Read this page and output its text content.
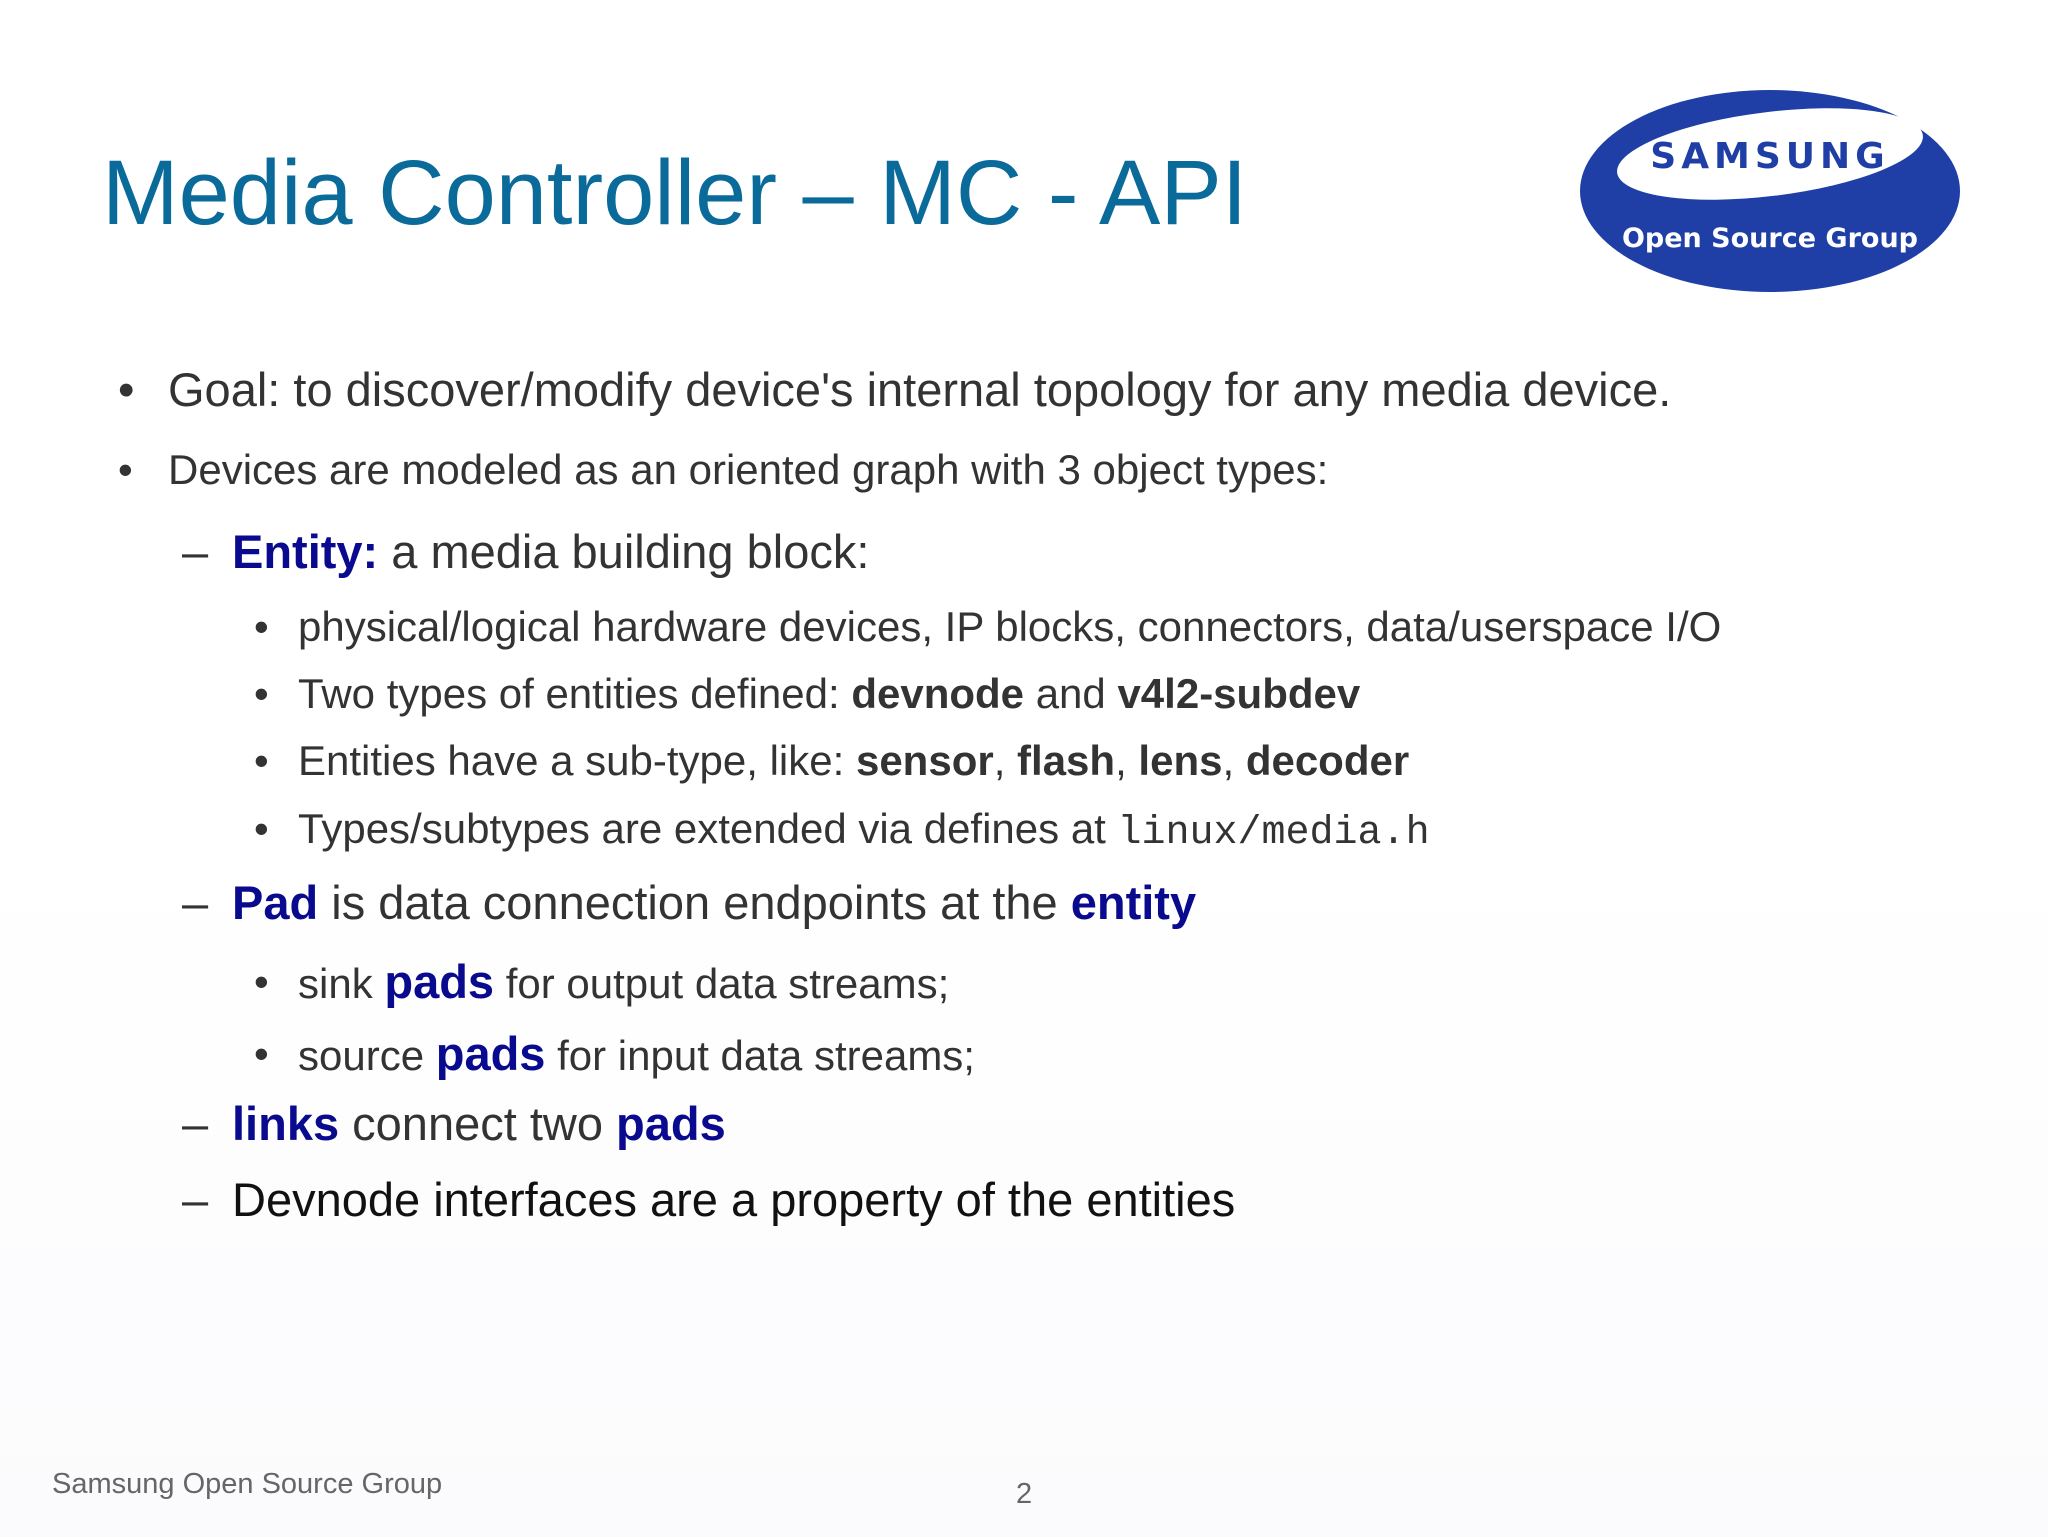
Media Controller – MC - API	SAMSUNG
Open Source Group
• Goal: to discover/modify device's internal topology for any media device.
• Devices are modeled as an oriented graph with 3 object types:
– Entity: a media building block:
• physical/logical hardware devices, IP blocks, connectors, data/userspace I/O
• Two types of entities defined: devnode and v4l2-subdev
• Entities have a sub-type, like: sensor, flash, lens, decoder
• Types/subtypes are extended via defines at linux/media.h
– Pad is data connection endpoints at the entity
• sink pads for output data streams;
• source pads for input data streams;
– links connect two pads
– Devnode interfaces are a property of the entities
Samsung Open Source Group	2
